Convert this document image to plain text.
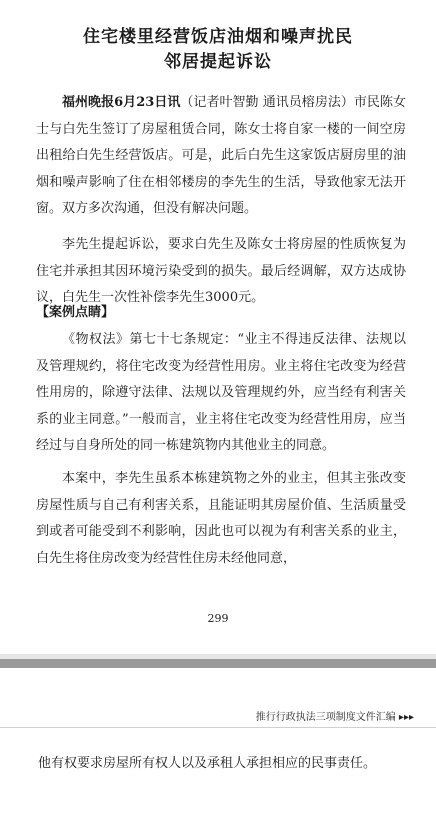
住宅楼里经营饭店油烟和噪声扰民
邻居提起诉讼

福州晚报6月23日讯（记者叶智勤 通讯员榕房法）市民陈女士与白先生签订了房屋租赁合同，陈女士将自家一楼的一间空房出租给白先生经营饭店。可是，此后白先生这家饭店厨房里的油烟和噪声影响了住在相邻楼房的李先生的生活，导致他家无法开窗。双方多次沟通，但没有解决问题。

李先生提起诉讼，要求白先生及陈女士将房屋的性质恢复为住宅并承担其因环境污染受到的损失。最后经调解，双方达成协议，白先生一次性补偿李先生3000元。

【案例点睛】

《物权法》第七十七条规定：“业主不得违反法律、法规以及管理规约，将住宅改变为经营性用房。业主将住宅改变为经营性用房的，除遵守法律、法规以及管理规约外，应当经有利害关系的业主同意。”一般而言，业主将住宅改变为经营性用房，应当经过与自身所处的同一栋建筑物内其他业主的同意。

本案中，李先生虽系本栋建筑物之外的业主，但其主张改变房屋性质与自己有利害关系，且能证明其房屋价值、生活质量受到或者可能受到不利影响，因此也可以视为有利害关系的业主，白先生将住房改变为经营性住房未经他同意，

299
推行行政执法三项制度文件汇编 ▸▸▸

他有权要求房屋所有权人以及承租人承担相应的民事责任。
